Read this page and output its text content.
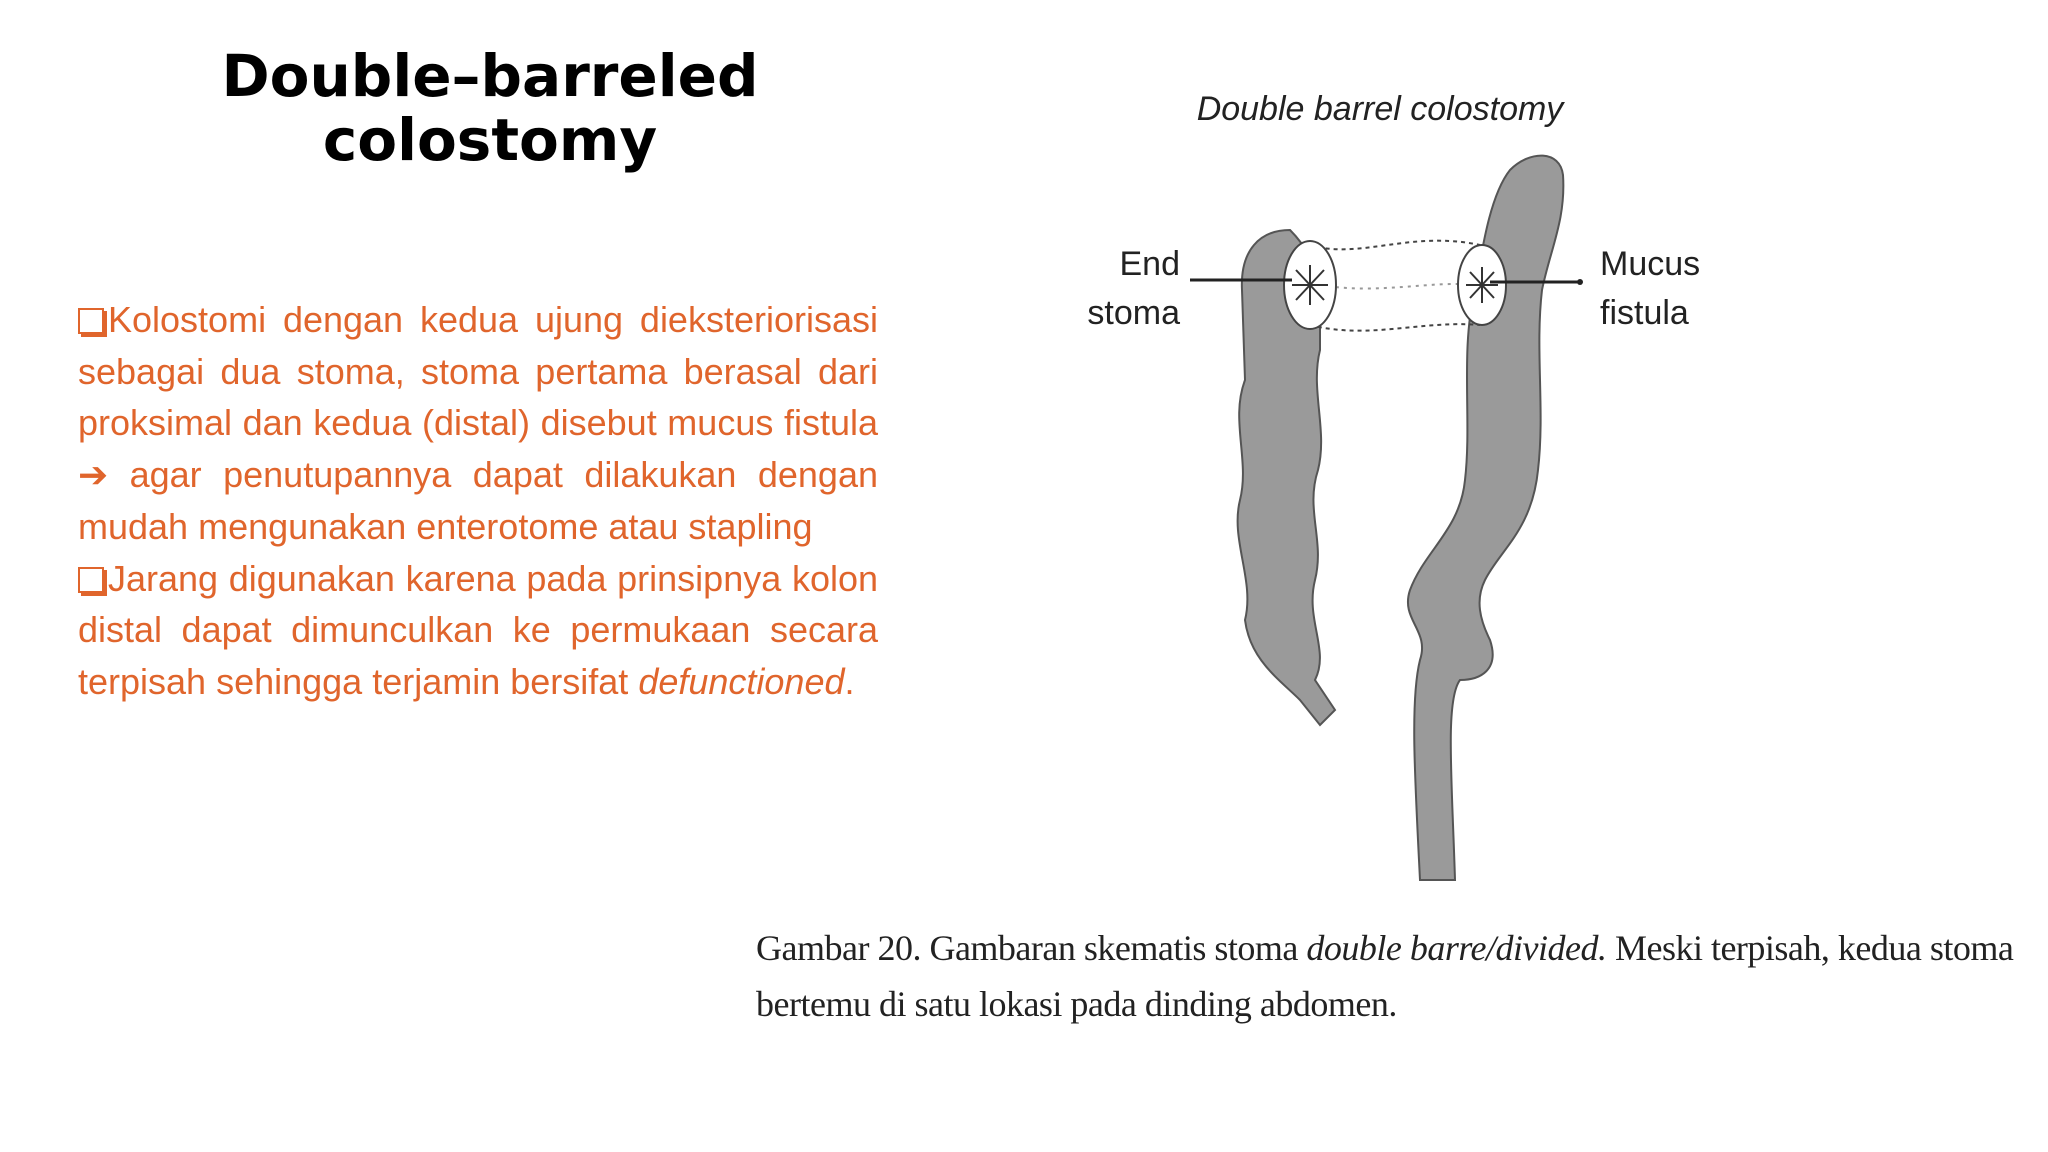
Double–barreled
colostomy

Kolostomi dengan kedua ujung dieksteriorisasi sebagai dua stoma, stoma pertama berasal dari proksimal dan kedua (distal) disebut mucus fistula ➔ agar penutupannya dapat dilakukan dengan mudah mengunakan enterotome atau stapling

Jarang digunakan karena pada prinsipnya kolon distal dapat dimunculkan ke permukaan secara terpisah sehingga terjamin bersifat defunctioned.

Double barrel colostomy
End
stoma
Mucus
fistula
Gambar 20. Gambaran skematis stoma double barre/divided. Meski terpisah, kedua stoma bertemu di satu lokasi pada dinding abdomen.
